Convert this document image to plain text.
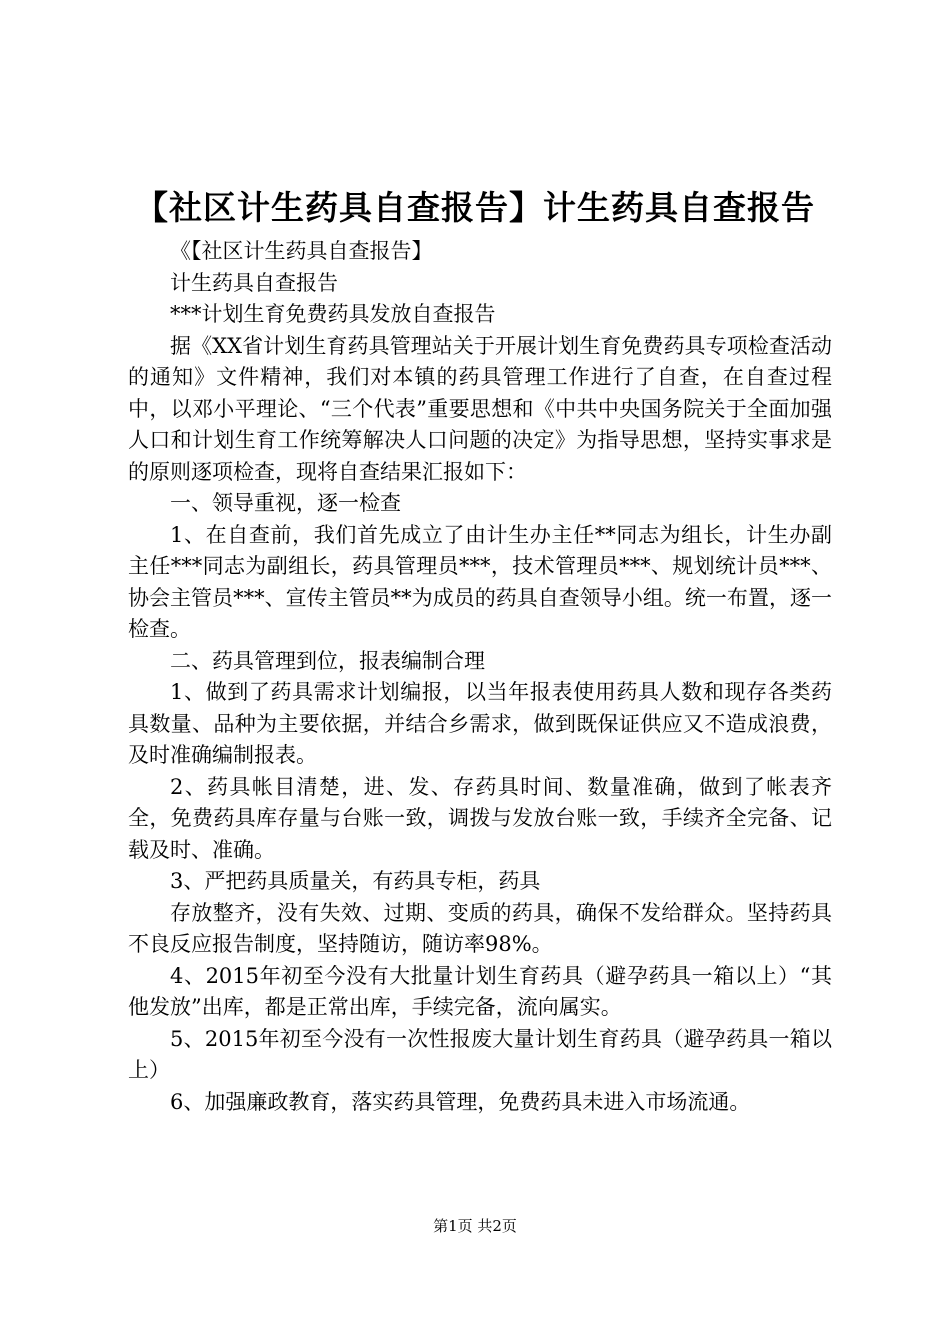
【社区计生药具自查报告】计生药具自查报告

《【社区计生药具自查报告】

计生药具自查报告

***计划生育免费药具发放自查报告

据《XX省计划生育药具管理站关于开展计划生育免费药具专项检查活动的通知》文件精神，我们对本镇的药具管理工作进行了自查，在自查过程中，以邓小平理论、“三个代表”重要思想和《中共中央国务院关于全面加强人口和计划生育工作统筹解决人口问题的决定》为指导思想，坚持实事求是的原则逐项检查，现将自查结果汇报如下：

一、领导重视，逐一检查

1、在自查前，我们首先成立了由计生办主任**同志为组长，计生办副主任***同志为副组长，药具管理员***，技术管理员***、规划统计员***、协会主管员***、宣传主管员**为成员的药具自查领导小组。统一布置，逐一检查。

二、药具管理到位，报表编制合理

1、做到了药具需求计划编报，以当年报表使用药具人数和现存各类药具数量、品种为主要依据，并结合乡需求，做到既保证供应又不造成浪费，及时准确编制报表。

2、药具帐目清楚，进、发、存药具时间、数量准确，做到了帐表齐全，免费药具库存量与台账一致，调拨与发放台账一致，手续齐全完备、记载及时、准确。

3、严把药具质量关，有药具专柜，药具

存放整齐，没有失效、过期、变质的药具，确保不发给群众。坚持药具不良反应报告制度，坚持随访，随访率98%。

4、2015年初至今没有大批量计划生育药具（避孕药具一箱以上）“其他发放”出库，都是正常出库，手续完备，流向属实。

5、2015年初至今没有一次性报废大量计划生育药具（避孕药具一箱以上）

6、加强廉政教育，落实药具管理，免费药具未进入市场流通。

第1页 共2页
